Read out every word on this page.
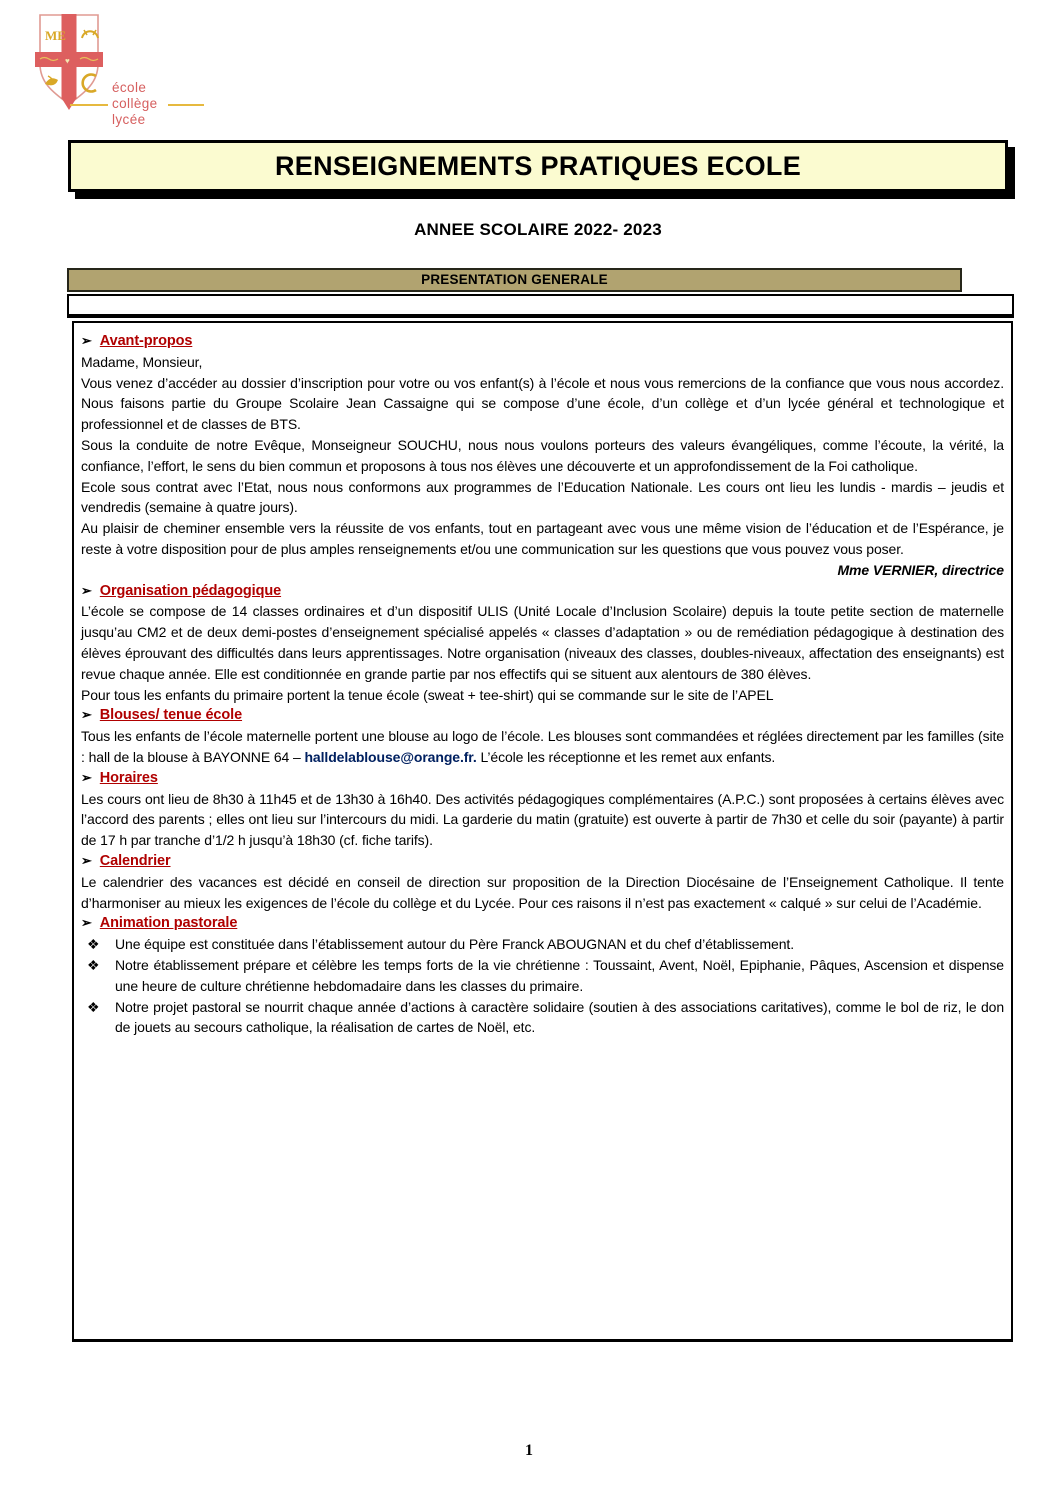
ME
♥
école
collège
lycée
RENSEIGNEMENTS PRATIQUES ECOLE
ANNEE SCOLAIRE 2022- 2023
PRESENTATION GENERALE

➢ Avant-propos

Madame, Monsieur,

Vous venez d’accéder au dossier d’inscription pour votre ou vos enfant(s) à l’école et nous vous remercions de la confiance que vous nous accordez. Nous faisons partie du Groupe Scolaire Jean Cassaigne qui se compose d’une école, d’un collège et d’un lycée général et technologique et professionnel et de classes de BTS.

Sous la conduite de notre Evêque, Monseigneur SOUCHU, nous nous voulons porteurs des valeurs évangéliques, comme l’écoute, la vérité, la confiance, l’effort, le sens du bien commun et proposons à tous nos élèves une découverte et un approfondissement de la Foi catholique.

Ecole sous contrat avec l’Etat, nous nous conformons aux programmes de l’Education Nationale. Les cours ont lieu les lundis - mardis – jeudis et vendredis (semaine à quatre jours).

Au plaisir de cheminer ensemble vers la réussite de vos enfants, tout en partageant avec vous une même vision de l’éducation et de l’Espérance, je reste à votre disposition pour de plus amples renseignements et/ou une communication sur les questions que vous pouvez vous poser.

Mme VERNIER, directrice

➢ Organisation pédagogique

L’école se compose de 14 classes ordinaires et d’un dispositif ULIS (Unité Locale d’Inclusion Scolaire) depuis la toute petite section de maternelle jusqu’au CM2 et de deux demi-postes d’enseignement spécialisé appelés « classes d’adaptation » ou de remédiation pédagogique à destination des élèves éprouvant des difficultés dans leurs apprentissages. Notre organisation (niveaux des classes, doubles-niveaux, affectation des enseignants) est revue chaque année. Elle est conditionnée en grande partie par nos effectifs qui se situent aux alentours de 380 élèves.

Pour tous les enfants du primaire portent la tenue école (sweat + tee-shirt) qui se commande sur le site de l’APEL

➢ Blouses/ tenue école

Tous les enfants de l’école maternelle portent une blouse au logo de l’école. Les blouses sont commandées et réglées directement par les familles (site : hall de la blouse à BAYONNE 64 – halldelablouse@orange.fr. L’école les réceptionne et les remet aux enfants.

➢ Horaires

Les cours ont lieu de 8h30 à 11h45 et de 13h30 à 16h40. Des activités pédagogiques complémentaires (A.P.C.) sont proposées à certains élèves avec l’accord des parents ; elles ont lieu sur l’intercours du midi. La garderie du matin (gratuite) est ouverte à partir de 7h30 et celle du soir (payante) à partir de 17 h par tranche d’1/2 h jusqu’à 18h30 (cf. fiche tarifs).

➢ Calendrier

Le calendrier des vacances est décidé en conseil de direction sur proposition de la Direction Diocésaine de l’Enseignement Catholique. Il tente d’harmoniser au mieux les exigences de l’école du collège et du Lycée. Pour ces raisons il n’est pas exactement « calqué » sur celui de l’Académie.

➢ Animation pastorale

❖ Une équipe est constituée dans l’établissement autour du Père Franck ABOUGNAN et du chef d’établissement.
❖ Notre établissement prépare et célèbre les temps forts de la vie chrétienne : Toussaint, Avent, Noël, Epiphanie, Pâques, Ascension et dispense une heure de culture chrétienne hebdomadaire dans les classes du primaire.
❖ Notre projet pastoral se nourrit chaque année d’actions à caractère solidaire (soutien à des associations caritatives), comme le bol de riz, le don de jouets au secours catholique, la réalisation de cartes de Noël, etc.
1
